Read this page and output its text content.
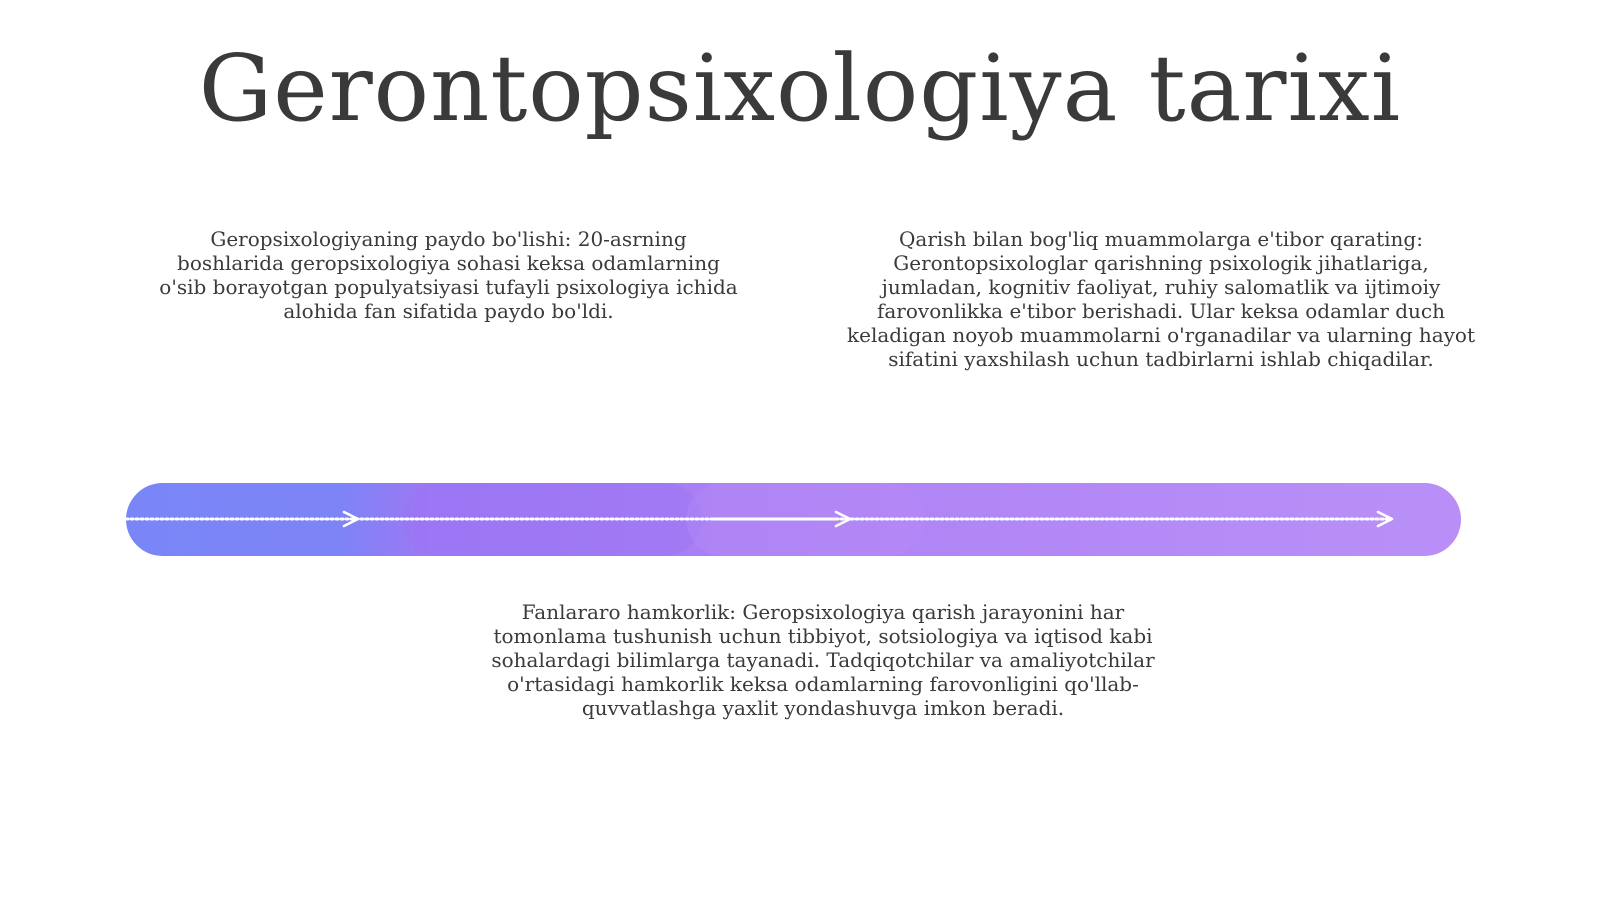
Gerontopsixologiya tarixi

Geropsixologiyaning paydo bo'lishi: 20-asrning boshlarida geropsixologiya sohasi keksa odamlarning o'sib borayotgan populyatsiyasi tufayli psixologiya ichida alohida fan sifatida paydo bo'ldi.

Qarish bilan bog'liq muammolarga e'tibor qarating: Gerontopsixologlar qarishning psixologik jihatlariga, jumladan, kognitiv faoliyat, ruhiy salomatlik va ijtimoiy farovonlikka e'tibor berishadi. Ular keksa odamlar duch keladigan noyob muammolarni o'rganadilar va ularning hayot sifatini yaxshilash uchun tadbirlarni ishlab chiqadilar.

Fanlararo hamkorlik: Geropsixologiya qarish jarayonini har tomonlama tushunish uchun tibbiyot, sotsiologiya va iqtisod kabi sohalardagi bilimlarga tayanadi. Tadqiqotchilar va amaliyotchilar o'rtasidagi hamkorlik keksa odamlarning farovonligini qo'llab-quvvatlashga yaxlit yondashuvga imkon beradi.
